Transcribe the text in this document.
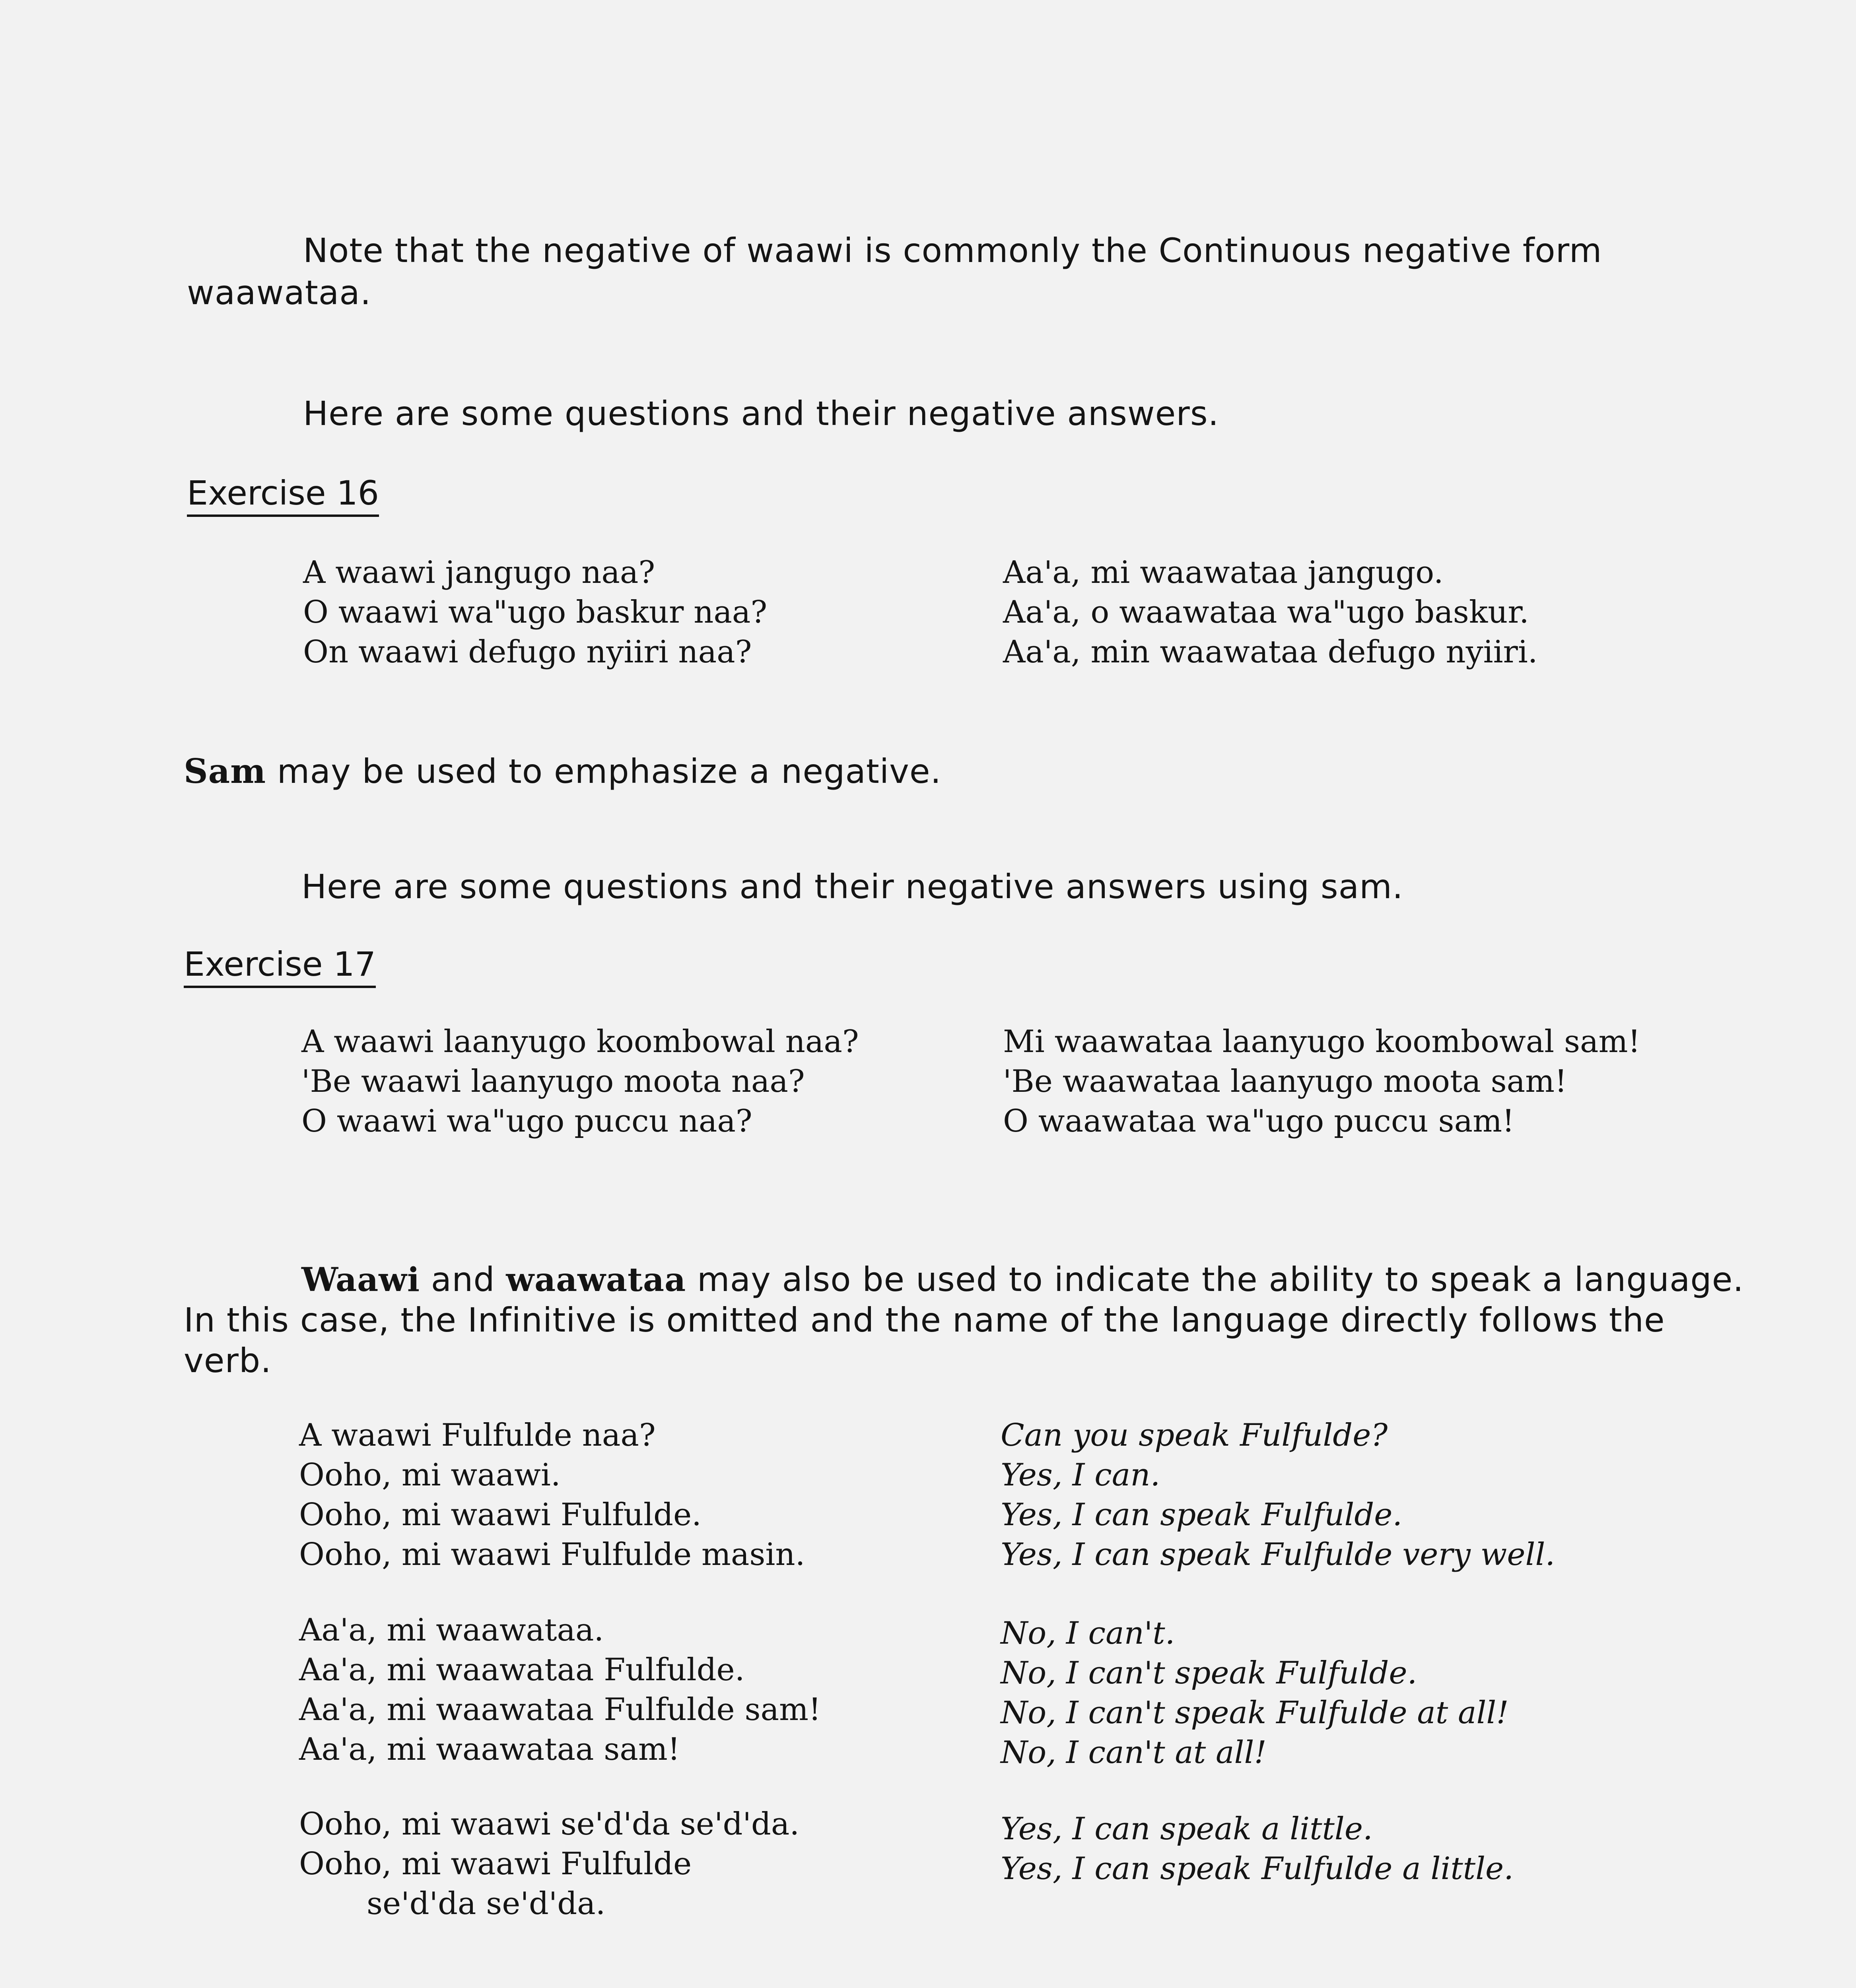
Note that the negative of waawi is commonly the Continuous negative form
waawataa.
Here are some questions and their negative answers.
Exercise 16
A waawi jangugo naa?
O waawi wa"ugo baskur naa?
On waawi defugo nyiiri naa?
Aa'a, mi waawataa jangugo.
Aa'a, o waawataa wa"ugo baskur.
Aa'a, min waawataa defugo nyiiri.
Sam may be used to emphasize a negative.
Here are some questions and their negative answers using sam.
Exercise 17
A waawi laanyugo koombowal naa?
'Be waawi laanyugo moota naa?
O waawi wa"ugo puccu naa?
Mi waawataa laanyugo koombowal sam!
'Be waawataa laanyugo moota sam!
O waawataa wa"ugo puccu sam!
Waawi and waawataa may also be used to indicate the ability to speak a language.
In this case, the Infinitive is omitted and the name of the language directly follows the
verb.
A waawi Fulfulde naa?
Ooho, mi waawi.
Ooho, mi waawi Fulfulde.
Ooho, mi waawi Fulfulde masin.
Can you speak Fulfulde?
Yes, I can.
Yes, I can speak Fulfulde.
Yes, I can speak Fulfulde very well.
Aa'a, mi waawataa.
Aa'a, mi waawataa Fulfulde.
Aa'a, mi waawataa Fulfulde sam!
Aa'a, mi waawataa sam!
No, I can't.
No, I can't speak Fulfulde.
No, I can't speak Fulfulde at all!
No, I can't at all!
Ooho, mi waawi se'd'da se'd'da.
Ooho, mi waawi Fulfulde
se'd'da se'd'da.
Yes, I can speak a little.
Yes, I can speak Fulfulde a little.
